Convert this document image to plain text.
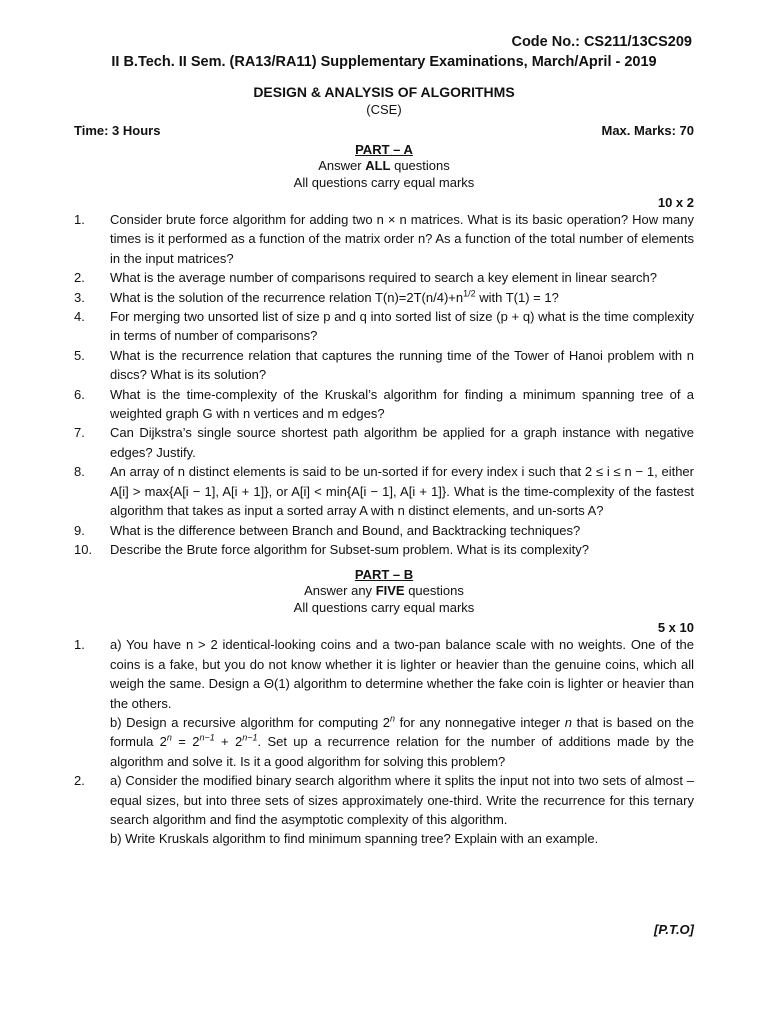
Code No.: CS211/13CS209
II B.Tech. II Sem. (RA13/RA11) Supplementary Examinations, March/April - 2019
DESIGN & ANALYSIS OF ALGORITHMS
(CSE)
Time: 3 Hours	Max. Marks: 70
PART – A
Answer ALL questions
All questions carry equal marks
10 x 2
1.	Consider brute force algorithm for adding two n × n matrices. What is its basic operation? How many times is it performed as a function of the matrix order n? As a function of the total number of elements in the input matrices?
2.	What is the average number of comparisons required to search a key element in linear search?
3.	What is the solution of the recurrence relation $T(n)=2T(n/4)+n^{1/2}$ with T(1) = 1?
4.	For merging two unsorted list of size p and q into sorted list of size (p + q) what is the time complexity in terms of number of comparisons?
5.	What is the recurrence relation that captures the running time of the Tower of Hanoi problem with n discs? What is its solution?
6.	What is the time-complexity of the Kruskal’s algorithm for finding a minimum spanning tree of a weighted graph G with n vertices and m edges?
7.	Can Dijkstra’s single source shortest path algorithm be applied for a graph instance with negative edges? Justify.
8.	An array of n distinct elements is said to be un-sorted if for every index i such that 2 ≤ i ≤ n − 1, either A[i] > max{A[i − 1], A[i + 1]}, or A[i] < min{A[i − 1], A[i + 1]}. What is the time-complexity of the fastest algorithm that takes as input a sorted array A with n distinct elements, and un-sorts A?
9.	What is the difference between Branch and Bound, and Backtracking techniques?
10.	Describe the Brute force algorithm for Subset-sum problem. What is its complexity?
PART – B
Answer any FIVE questions
All questions carry equal marks
5 x 10
1.	a) You have n > 2 identical-looking coins and a two-pan balance scale with no weights. One of the coins is a fake, but you do not know whether it is lighter or heavier than the genuine coins, which all weigh the same. Design a Θ(1) algorithm to determine whether the fake coin is lighter or heavier than the others.

b) Design a recursive algorithm for computing 2$^n$ for any nonnegative integer n that is based on the formula $2^n = 2^{n-1} + 2^{n-1}$. Set up a recurrence relation for the number of additions made by the algorithm and solve it. Is it a good algorithm for solving this problem?

2.	a) Consider the modified binary search algorithm where it splits the input not into two sets of almost –equal sizes, but into three sets of sizes approximately one-third. Write the recurrence for this ternary search algorithm and find the asymptotic complexity of this algorithm.

b) Write Kruskals algorithm to find minimum spanning tree? Explain with an example.

[P.T.O]
